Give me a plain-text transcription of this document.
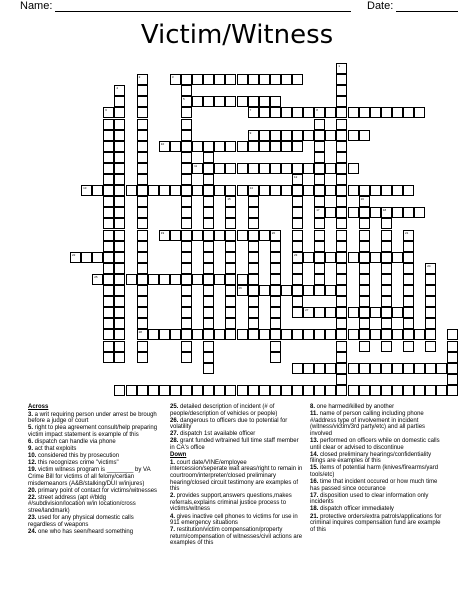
Name:	Date:
Victim/Witness
4
2
28
6
5
15
14
20
12
23
8
17
1
16
18
21
24
3
7
9
10
11
13
19
22
25
26
27
Across
3. a writ requiring person under arrest be brough before a judge or court
5. right to plea agreement consult/help preparing victim impact statement is example of this
6. dispatch can handle via phone
9. act that exploits
10. considered this by prosecution
12. this recognizes crime "victims"
19. victim witness program is ________ by VA Crime Bill for victims of all felony/certian misdemeanors (A&B/stalking/DUI w/injures)
20. primary point of contact for victims/witnesses
22. street address (apt #/bldg #/subdivision/location w/in location/cross stree/landmark)
23. used for any physical domestic calls regardless of weapons
24. one who has seen/heard something
25. detailed description of incident (# of people/description of vehicles or people)
26. dangerous to officers due to potential for volatility
27. dispatch 1st available officer
28. grant funded w/trained full time staff member in CA's office
Down
1. court date/VINE/employee intercession/seperate wait areas/right to remain in courtroom/interpreter/closed preliminary hearing/closed circuit testimony are examples of this
2. provides support,answers questions,makes referrals,explains criminal justice process to victims/witness
4. gives inactive cell phones to victims for use in 911 emergency situations
7. restitution/victim compensation/property return/compensation of witnesses/civil actions are examples of this
8. one harmed/killed by another
11. name of person calling including phone #/address type of involvement in incident (witness/victim/3rd party/etc) and all parties involved
13. performed on officers while on domestic calls until clear or advised to discontinue
14. closed preliminary hearings/confidentiality filings are examples of this
15. items of potential harm (knives/firearms/yard tools/etc)
16. time that incident occured or how much time has passed since occurance
17. disposition used to clear information only incidents
18. dispatch officer immediately
21. protective orders/extra patrols/applications for criminal inquires compensation fund are example of this
